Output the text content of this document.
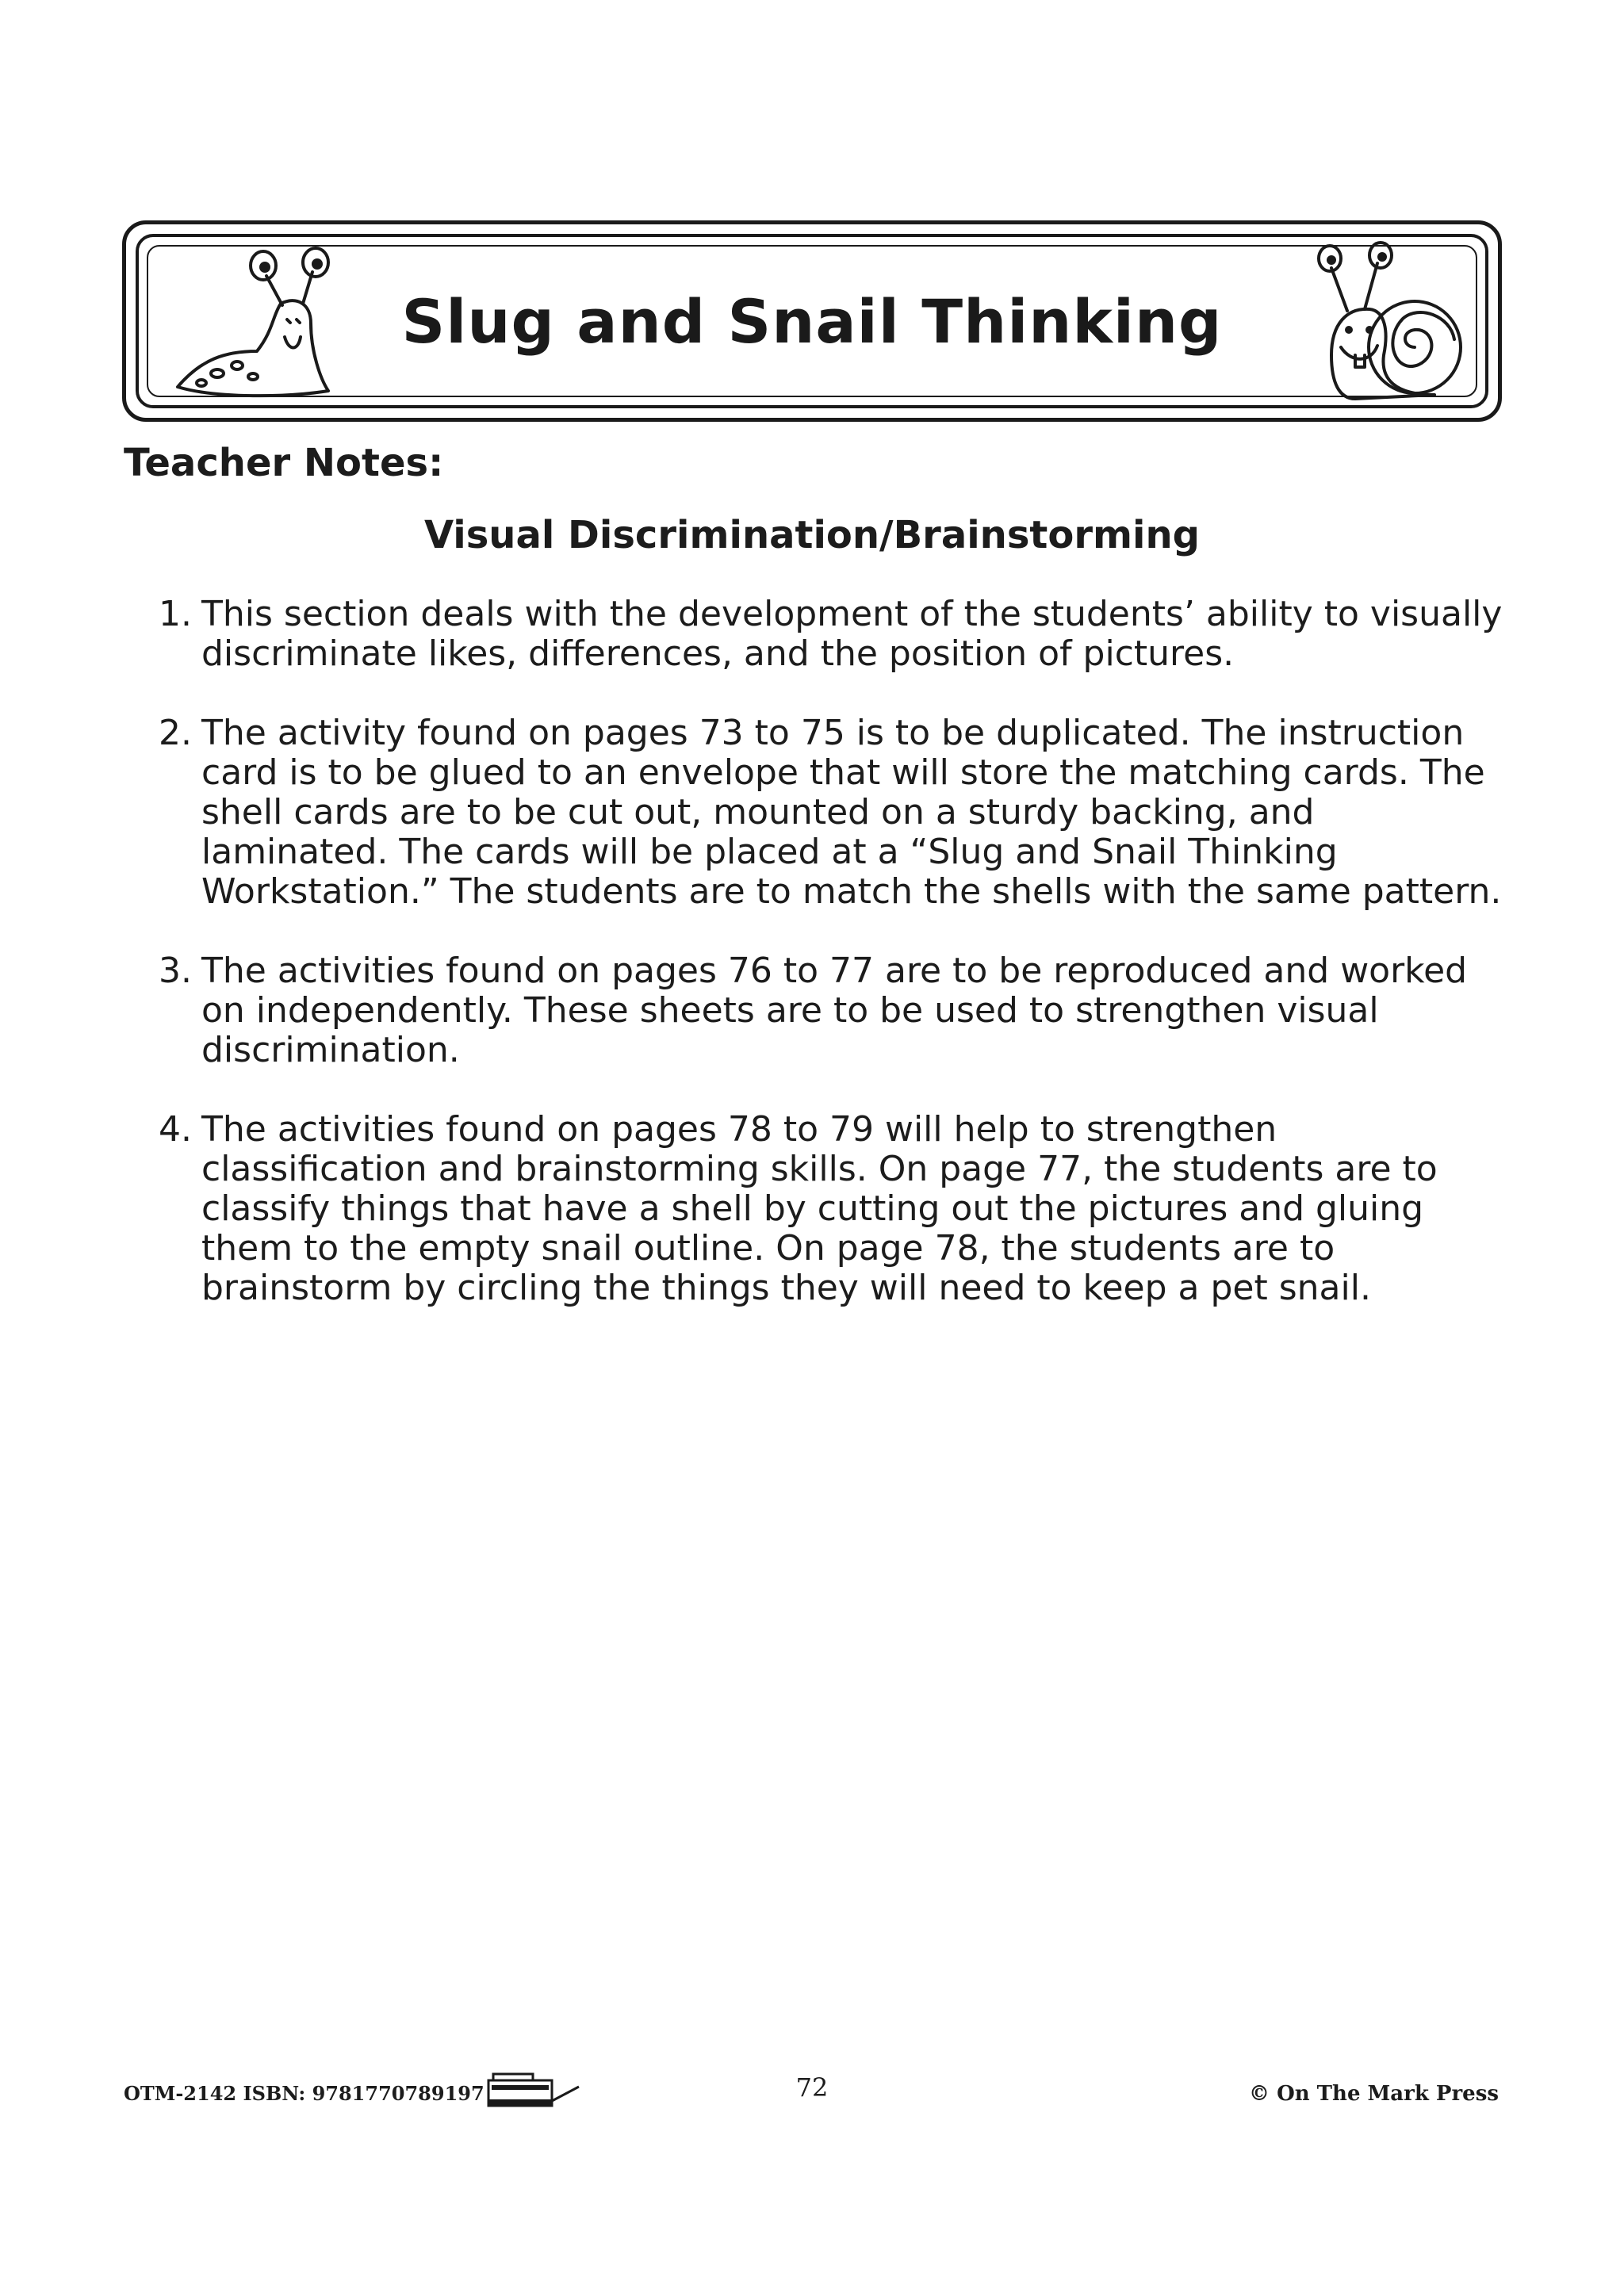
Slug and Snail Thinking
Teacher Notes:
Visual Discrimination/Brainstorming
1. This section deals with the development of the students’ ability to visually discriminate likes, differences, and the position of pictures.
2. The activity found on pages 73 to 75 is to be duplicated. The instruction card is to be glued to an envelope that will store the matching cards. The shell cards are to be cut out, mounted on a sturdy backing, and laminated. The cards will be placed at a “Slug and Snail Thinking Workstation.” The students are to match the shells with the same pattern.
3. The activities found on pages 76 to 77 are to be reproduced and worked on independently. These sheets are to be used to strengthen visual discrimination.
4. The activities found on pages 78 to 79 will help to strengthen classification and brainstorming skills. On page 77, the students are to classify things that have a shell by cutting out the pictures and gluing them to the empty snail outline. On page 78, the students are to brainstorm by circling the things they will need to keep a pet snail.
OTM-2142 ISBN: 9781770789197	72	© On The Mark Press
